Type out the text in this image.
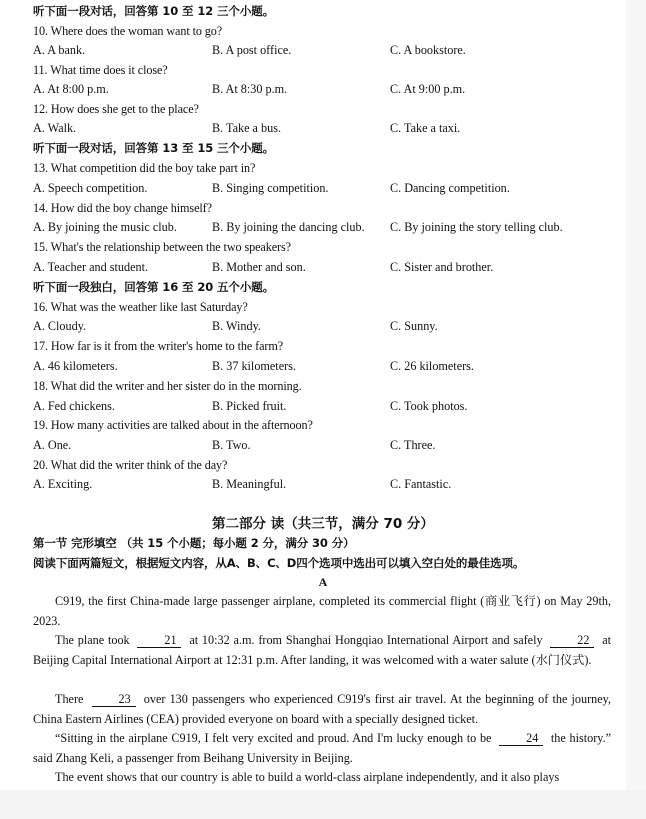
听下面一段对话，回答第 10 至 12 三个小题。
10. Where does the woman want to go?
A. A bank.	B. A post office.	C. A bookstore.
11. What time does it close?
A. At 8:00 p.m.	B. At 8:30 p.m.	C. At 9:00 p.m.
12. How does she get to the place?
A. Walk.	B. Take a bus.	C. Take a taxi.
听下面一段对话，回答第 13 至 15 三个小题。
13. What competition did the boy take part in?
A. Speech competition.	B. Singing competition.	C. Dancing competition.
14. How did the boy change himself?
A. By joining the music club.	B. By joining the dancing club. C. By joining the story telling club.
15. What's the relationship between the two speakers?
A. Teacher and student.	B. Mother and son.	C. Sister and brother.
听下面一段独白，回答第 16 至 20 五个小题。
16. What was the weather like last Saturday?
A. Cloudy.	B. Windy.	C. Sunny.
17. How far is it from the writer's home to the farm?
A. 46 kilometers.	B. 37 kilometers.	C. 26 kilometers.
18. What did the writer and her sister do in the morning.
A. Fed chickens.	B. Picked fruit.	C. Took photos.
19. How many activities are talked about in the afternoon?
A. One.	B. Two.	C. Three.
20. What did the writer think of the day?
A. Exciting.	B. Meaningful.	C. Fantastic.
第二部分 读（共三节，满分 70 分）
第一节 完形填空 （共 15 个小题；每小题 2 分，满分 30 分）
阅读下面两篇短文，根据短文内容，从A、B、C、D四个选项中选出可以填入空白处的最佳选项。
A
C919, the first China-made large passenger airplane, completed its commercial flight (商业飞行) on May 29th, 2023.
The plane took	21 at 10:32 a.m. from Shanghai Hongqiao International Airport and safely	22 at Beijing Capital International Airport at 12:31 p.m. After landing, it was welcomed with a water salute (水门仪式).
There	23 over 130 passengers who experienced C919's first air travel. At the beginning of the journey, China Eastern Airlines (CEA) provided everyone on board with a specially designed ticket.
“Sitting in the airplane C919, I felt very excited and proud. And I'm lucky enough to be	24 the history.” said Zhang Keli, a passenger from Beihang University in Beijing.
The event shows that our country is able to build a world-class airplane independently, and it also plays
